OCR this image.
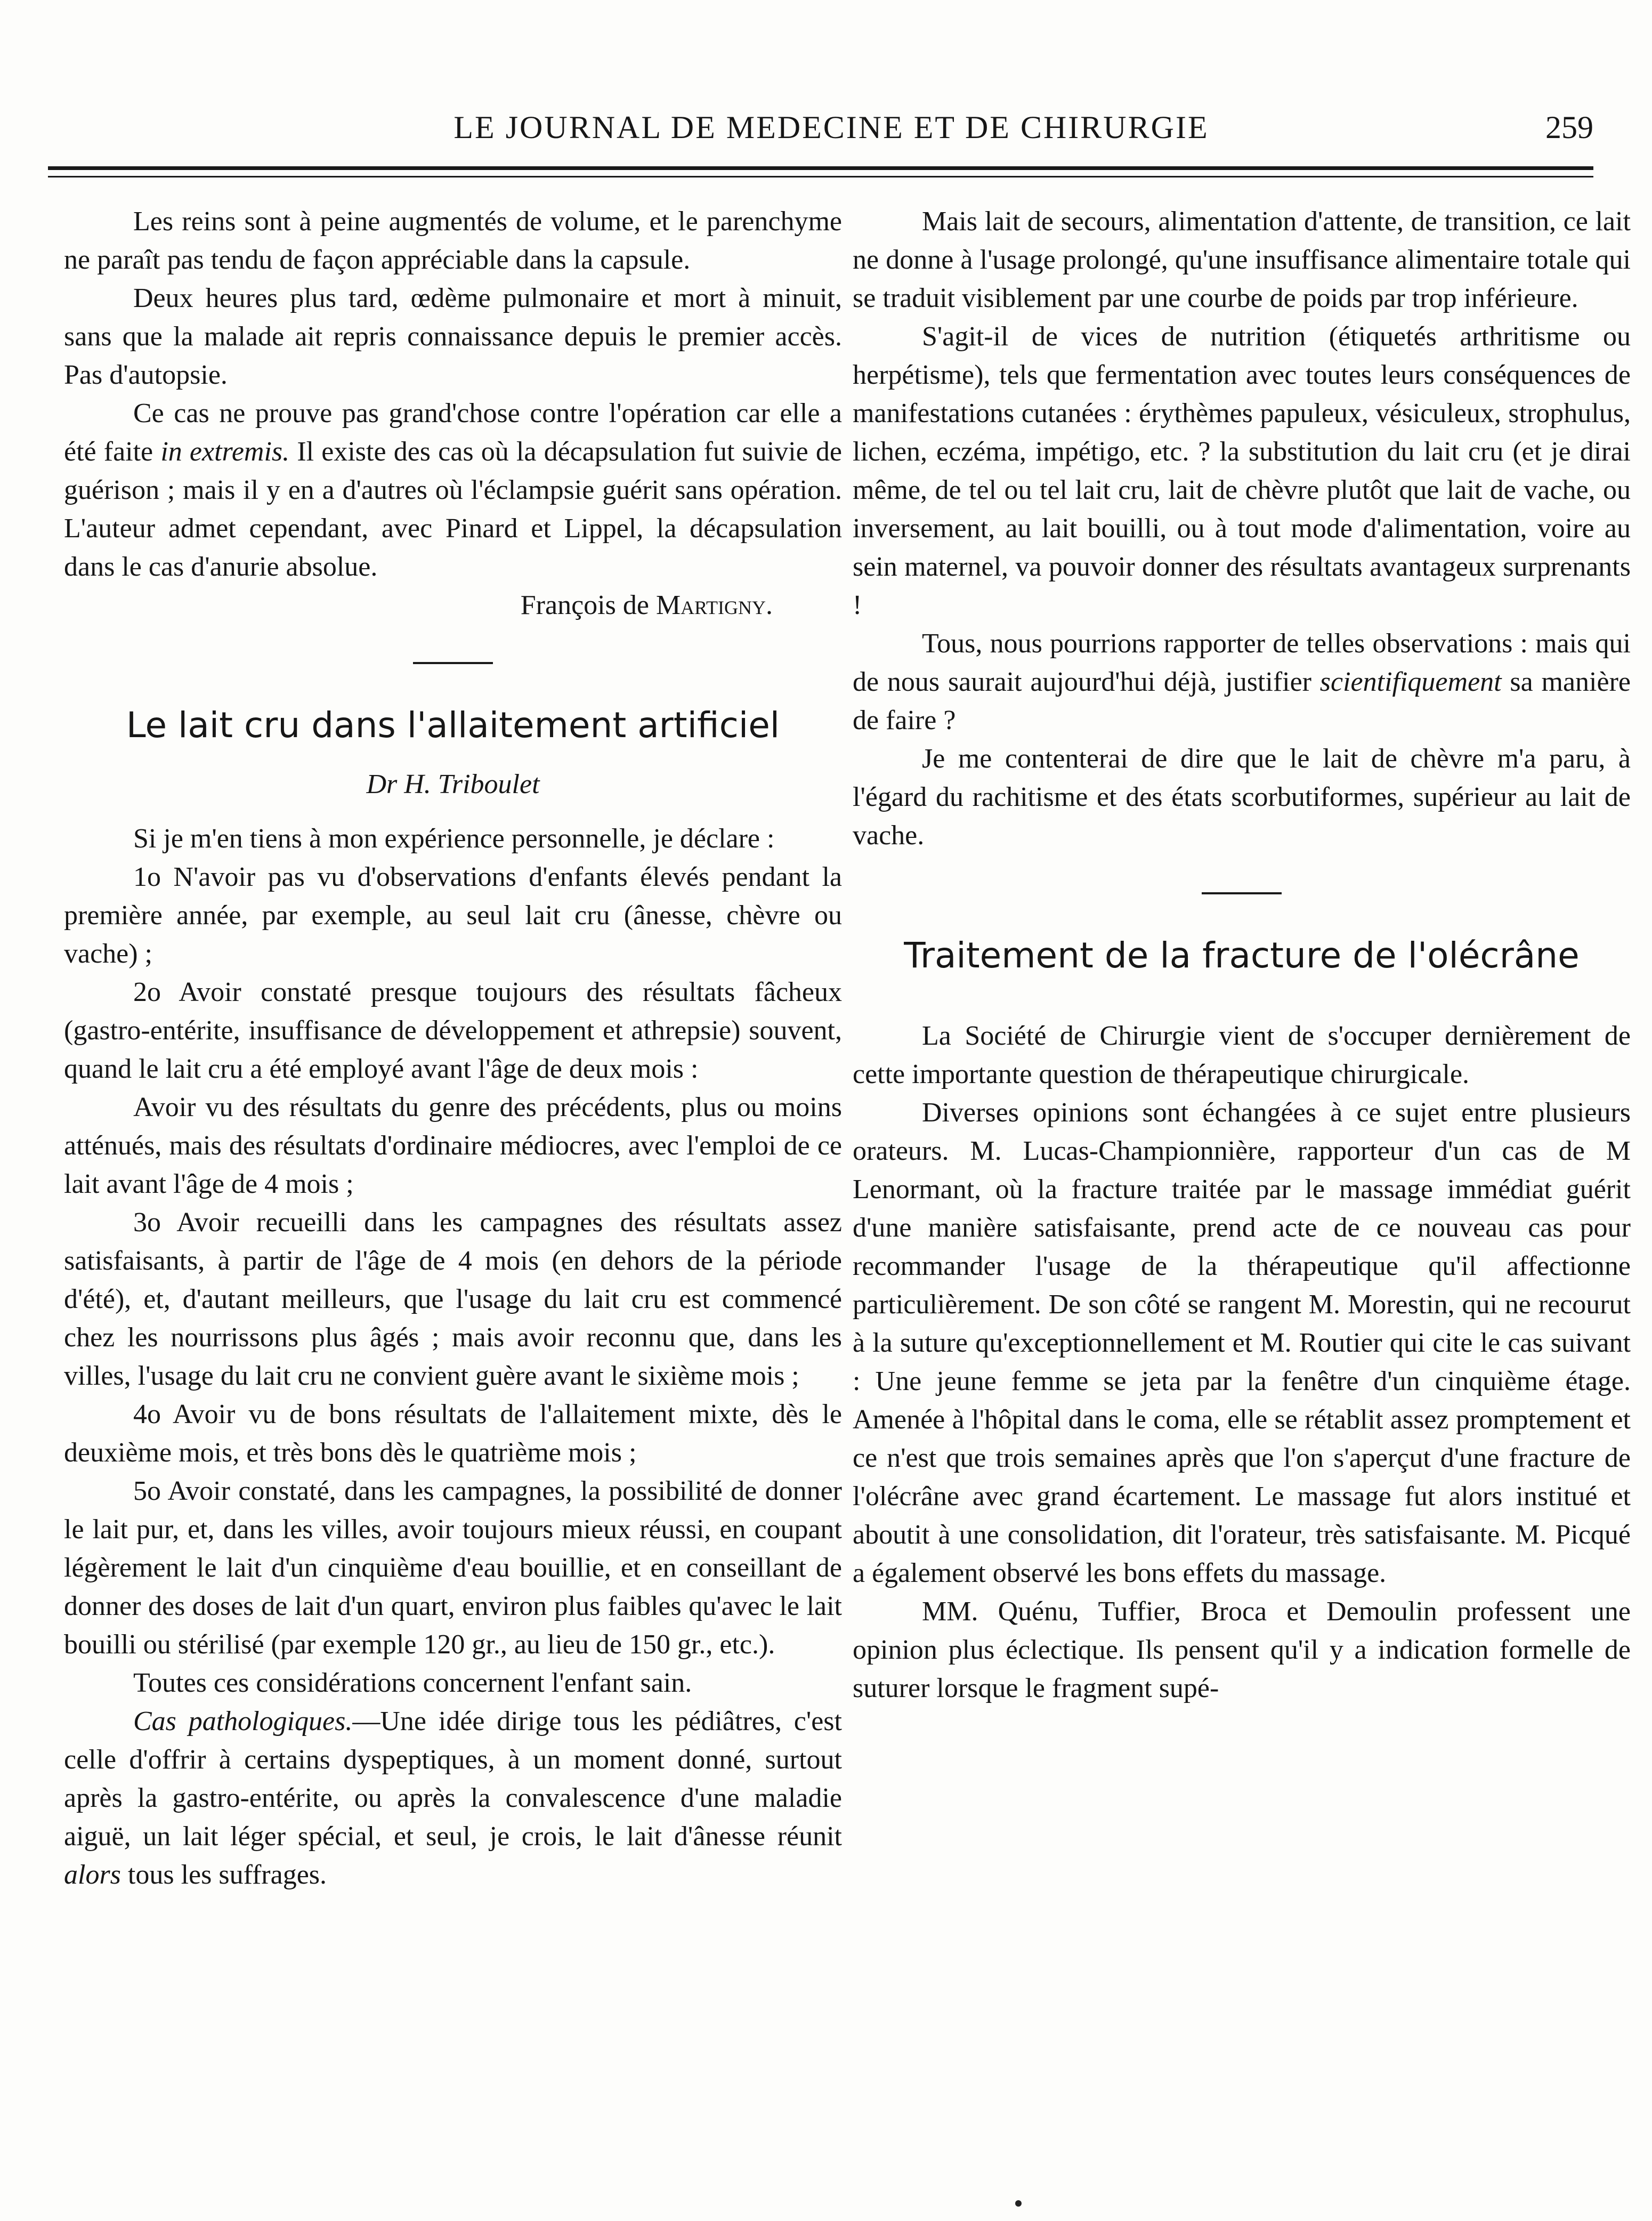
LE JOURNAL DE MEDECINE ET DE CHIRURGIE	259

Les reins sont à peine augmentés de volume, et le parenchyme ne paraît pas tendu de façon appréciable dans la capsule.

Deux heures plus tard, œdème pulmonaire et mort à minuit, sans que la malade ait repris connaissance depuis le premier accès. Pas d'autopsie.

Ce cas ne prouve pas grand'chose contre l'opération car elle a été faite in extremis. Il existe des cas où la décapsulation fut suivie de guérison ; mais il y en a d'autres où l'éclampsie guérit sans opération. L'auteur admet cependant, avec Pinard et Lippel, la décapsulation dans le cas d'anurie absolue.

François de Martigny.

Le lait cru dans l'allaitement artificiel
Dr H. Triboulet

Si je m'en tiens à mon expérience personnelle, je déclare :

1o N'avoir pas vu d'observations d'enfants élevés pendant la première année, par exemple, au seul lait cru (ânesse, chèvre ou vache) ;

2o Avoir constaté presque toujours des résultats fâcheux (gastro-entérite, insuffisance de développement et athrepsie) souvent, quand le lait cru a été employé avant l'âge de deux mois :

Avoir vu des résultats du genre des précédents, plus ou moins atténués, mais des résultats d'ordinaire médiocres, avec l'emploi de ce lait avant l'âge de 4 mois ;

3o Avoir recueilli dans les campagnes des résultats assez satisfaisants, à partir de l'âge de 4 mois (en dehors de la période d'été), et, d'autant meilleurs, que l'usage du lait cru est commencé chez les nourrissons plus âgés ; mais avoir reconnu que, dans les villes, l'usage du lait cru ne convient guère avant le sixième mois ;

4o Avoir vu de bons résultats de l'allaitement mixte, dès le deuxième mois, et très bons dès le quatrième mois ;

5o Avoir constaté, dans les campagnes, la possibilité de donner le lait pur, et, dans les villes, avoir toujours mieux réussi, en coupant légèrement le lait d'un cinquième d'eau bouillie, et en conseillant de donner des doses de lait d'un quart, environ plus faibles qu'avec le lait bouilli ou stérilisé (par exemple 120 gr., au lieu de 150 gr., etc.).

Toutes ces considérations concernent l'enfant sain.

Cas pathologiques.—Une idée dirige tous les pédiâtres, c'est celle d'offrir à certains dyspeptiques, à un moment donné, surtout après la gastro-entérite, ou après la convalescence d'une maladie aiguë, un lait léger spécial, et seul, je crois, le lait d'ânesse réunit alors tous les suffrages.

Mais lait de secours, alimentation d'attente, de transition, ce lait ne donne à l'usage prolongé, qu'une insuffisance alimentaire totale qui se traduit visiblement par une courbe de poids par trop inférieure.

S'agit-il de vices de nutrition (étiquetés arthritisme ou herpétisme), tels que fermentation avec toutes leurs conséquences de manifestations cutanées : érythèmes papuleux, vésiculeux, strophulus, lichen, eczéma, impétigo, etc. ? la substitution du lait cru (et je dirai même, de tel ou tel lait cru, lait de chèvre plutôt que lait de vache, ou inversement, au lait bouilli, ou à tout mode d'alimentation, voire au sein maternel, va pouvoir donner des résultats avantageux surprenants !

Tous, nous pourrions rapporter de telles observations : mais qui de nous saurait aujourd'hui déjà, justifier scientifiquement sa manière de faire ?

Je me contenterai de dire que le lait de chèvre m'a paru, à l'égard du rachitisme et des états scorbutiformes, supérieur au lait de vache.

Traitement de la fracture de l'olécrâne

La Société de Chirurgie vient de s'occuper dernièrement de cette importante question de thérapeutique chirurgicale.

Diverses opinions sont échangées à ce sujet entre plusieurs orateurs. M. Lucas-Championnière, rapporteur d'un cas de M Lenormant, où la fracture traitée par le massage immédiat guérit d'une manière satisfaisante, prend acte de ce nouveau cas pour recommander l'usage de la thérapeutique qu'il affectionne particulièrement. De son côté se rangent M. Morestin, qui ne recourut à la suture qu'exceptionnellement et M. Routier qui cite le cas suivant : Une jeune femme se jeta par la fenêtre d'un cinquième étage. Amenée à l'hôpital dans le coma, elle se rétablit assez promptement et ce n'est que trois semaines après que l'on s'aperçut d'une fracture de l'olécrâne avec grand écartement. Le massage fut alors institué et aboutit à une consolidation, dit l'orateur, très satisfaisante. M. Picqué a également observé les bons effets du massage.

MM. Quénu, Tuffier, Broca et Demoulin professent une opinion plus éclectique. Ils pensent qu'il y a indication formelle de suturer lorsque le fragment supé-
